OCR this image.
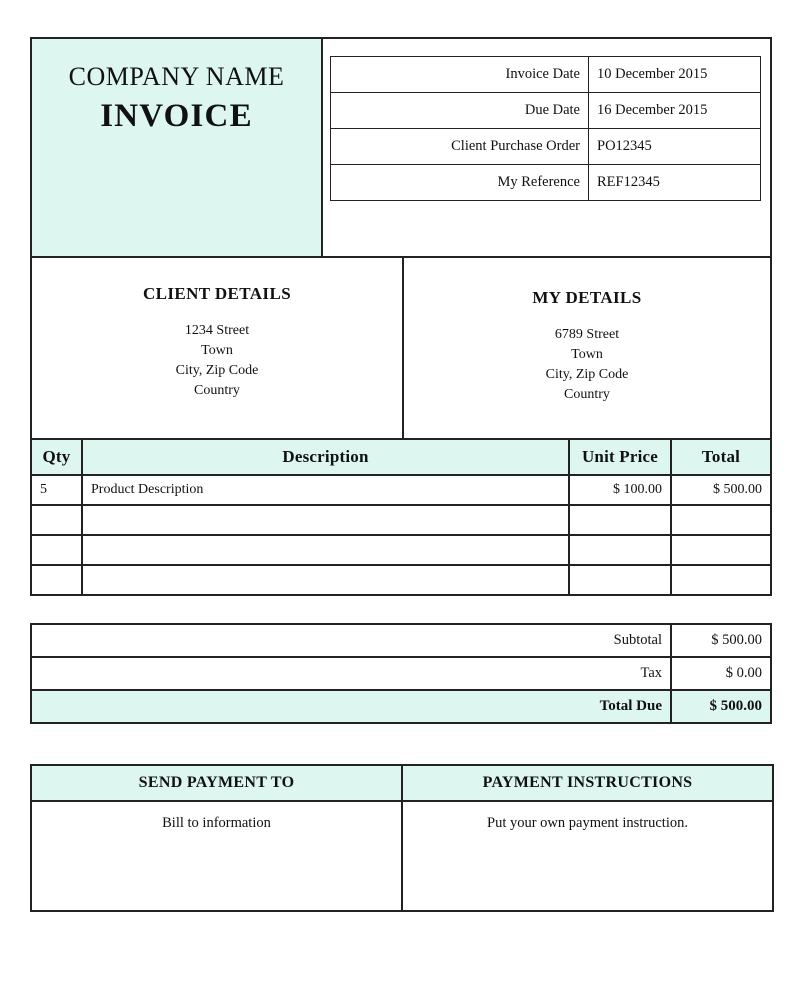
COMPANY NAME
INVOICE
Invoice Date	10 December 2015
Due Date	16 December 2015
Client Purchase Order	PO12345
My Reference	REF12345
CLIENT DETAILS
1234 Street
Town
City, Zip Code
Country
MY DETAILS
6789 Street
Town
City, Zip Code
Country
Qty	Description	Unit Price	Total
5	Product Description	$ 100.00	$ 500.00

Subtotal	$ 500.00
Tax	$ 0.00
Total Due	$ 500.00
SEND PAYMENT TO	PAYMENT INSTRUCTIONS
Bill to information	Put your own payment instruction.
